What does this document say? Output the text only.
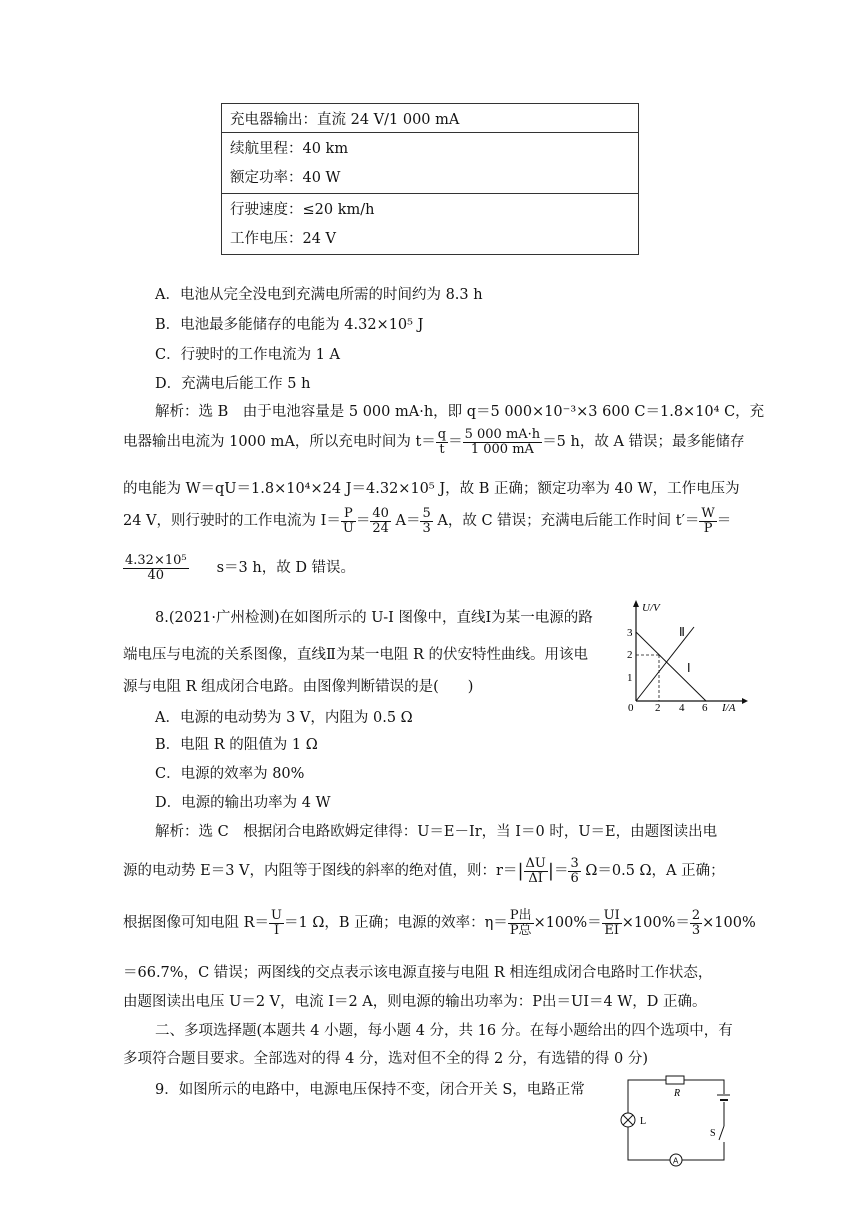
充电器输出：直流 24 V/1 000 mA
续航里程：40 km
额定功率：40 W
行驶速度：≤20 km/h
工作电压：24 V
A．电池从完全没电到充满电所需的时间约为 8.3 h
B．电池最多能储存的电能为 4.32×10⁵ J
C．行驶时的工作电流为 1 A
D．充满电后能工作 5 h
解析：选 B　由于电池容量是 5 000 mA·h，即 q＝5 000×10⁻³×3 600 C＝1.8×10⁴ C，充
电器输出电流为 1000 mA，所以充电时间为 $t= \frac{q}{t} = \frac{5 000 mA\cdot h}{1 000 mA} =5$ h，故 A 错误；最多能储存
的电能为 W＝qU＝1.8×10⁴×24 J＝4.32×10⁵ J，故 B 正确；额定功率为 40 W，工作电压为
24 V，则行驶时的工作电流为 $I= \frac{P}{U} = \frac{40}{24} A= \frac{5}{3}$ A，故 C 错误；充满电后能工作时间 $t'= \frac{W}{P}$ ＝
$\frac{\text{4.32×10⁵}}{40} s=3$ h，故 D 错误。
8.(2021·广州检测)在如图所示的 U-I 图像中，直线Ⅰ为某一电源的路
端电压与电流的关系图像，直线Ⅱ为某一电阻 R 的伏安特性曲线。用该电
源与电阻 R 组成闭合电路。由图像判断错误的是(　　)
U/V
I/A
0
1
2
3
2 4 6
Ⅰ
Ⅱ
A．电源的电动势为 3 V，内阻为 0.5 Ω
B．电阻 R 的阻值为 1 Ω
C．电源的效率为 80%
D．电源的输出功率为 4 W
解析：选 C　根据闭合电路欧姆定律得：U＝E－Ir，当 I＝0 时，U＝E，由题图读出电
源的电动势 E＝3 V，内阻等于图线的斜率的绝对值，则：$r=| \frac{\Delta U}{\Delta I}$ |＝ $\frac{3}{6} \Omega=0.5$ Ω，A 正确；
根据图像可知电阻 $R= \frac{U}{I} =1$ Ω，B 正确；电源的效率：$\eta= \frac{\text{P出}}{\text{P总}} \times 100\%= \frac{UI}{EI} \times 100\%= \frac{2}{3} \times 100\%$
＝66.7%，C 错误；两图线的交点表示该电源直接与电阻 R 相连组成闭合电路时工作状态，
由题图读出电压 U＝2 V，电流 I＝2 A，则电源的输出功率为：P出＝UI＝4 W，D 正确。
二、多项选择题(本题共 4 小题，每小题 4 分，共 16 分。在每小题给出的四个选项中，有
多项符合题目要求。全部选对的得 4 分，选对但不全的得 2 分，有选错的得 0 分)
9．如图所示的电路中，电源电压保持不变，闭合开关 S，电路正常	R
L
S
A
